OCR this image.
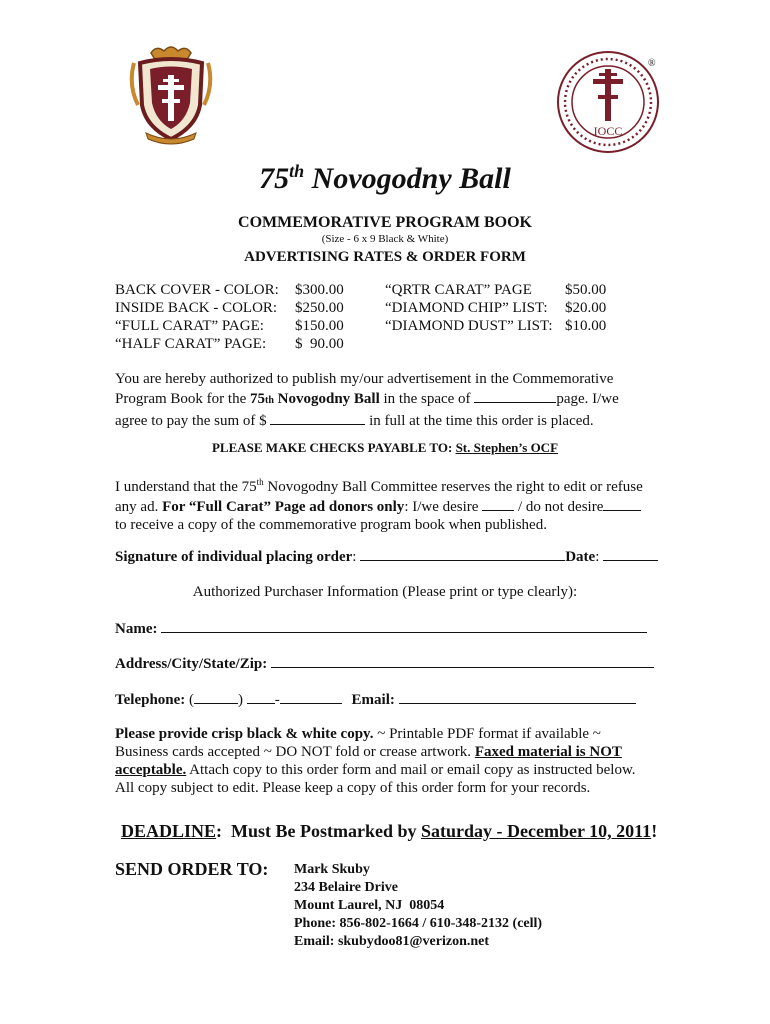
IOCC
®
75th Novogodny Ball
COMMEMORATIVE PROGRAM BOOK
(Size - 6 x 9 Black & White)
ADVERTISING RATES & ORDER FORM
BACK COVER - COLOR: $300.00
INSIDE BACK - COLOR: $250.00
“FULL CARAT” PAGE: $150.00
“HALF CARAT” PAGE: $  90.00
“QRTR CARAT” PAGE $50.00
“DIAMOND CHIP” LIST: $20.00
“DIAMOND DUST” LIST: $10.00
You are hereby authorized to publish my/our advertisement in the Commemorative
Program Book for the 75th Novogodny Ball in the space of	page. I/we
agree to pay the sum of $	in full at the time this order is placed.
PLEASE MAKE CHECKS PAYABLE TO: St. Stephen’s OCF
I understand that the 75th Novogodny Ball Committee reserves the right to edit or refuse
any ad. For “Full Carat” Page ad donors only: I/we desire  / do not desire
to receive a copy of the commemorative program book when published.
Signature of individual placing order:	Date:
Authorized Purchaser Information (Please print or type clearly):
Name:
Address/City/State/Zip:
Telephone: (	) -	Email:
Please provide crisp black & white copy. ~ Printable PDF format if available ~
Business cards accepted ~ DO NOT fold or crease artwork. Faxed material is NOT
acceptable. Attach copy to this order form and mail or email copy as instructed below.
All copy subject to edit. Please keep a copy of this order form for your records.
DEADLINE:  Must Be Postmarked by Saturday - December 10, 2011!
SEND ORDER TO: Mark Skuby
234 Belaire Drive
Mount Laurel, NJ  08054
Phone: 856-802-1664 / 610-348-2132 (cell)
Email: skubydoo81@verizon.net
